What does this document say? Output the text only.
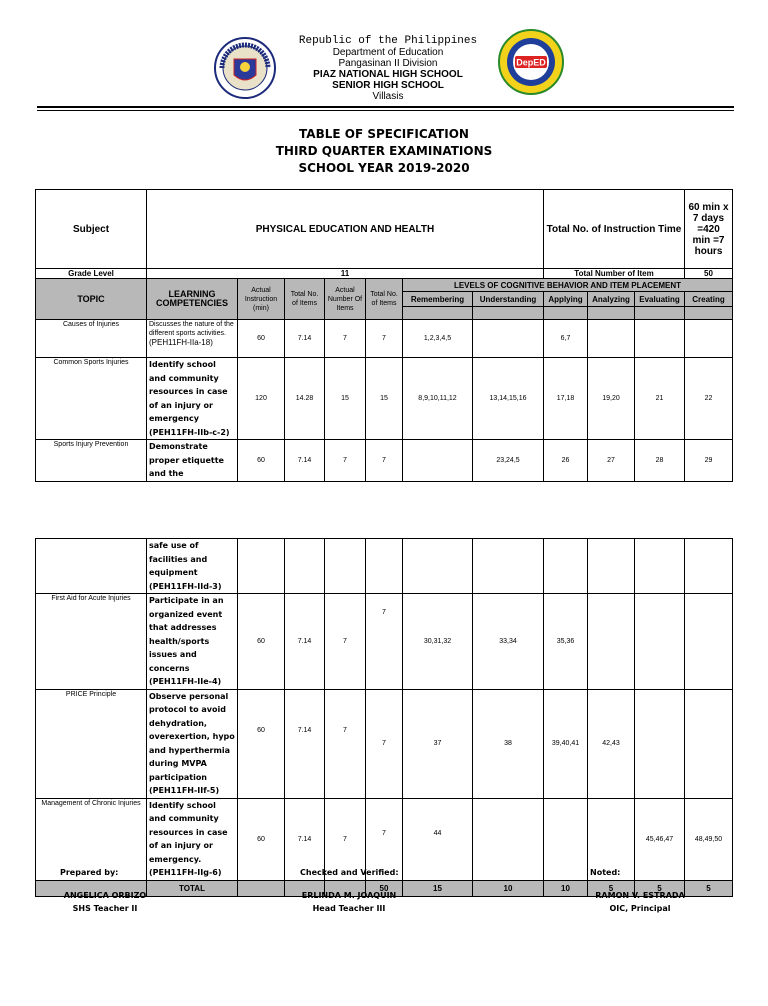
DepED
Republic of the Philippines
Department of Education
Pangasinan II Division
PIAZ NATIONAL HIGH SCHOOL
SENIOR HIGH SCHOOL
Villasis
TABLE OF SPECIFICATION
THIRD QUARTER EXAMINATIONS
SCHOOL YEAR 2019-2020
Subject	PHYSICAL EDUCATION AND HEALTH							Total No. of Instruction Time			60 min x 7 days =420 min =7 hours
Grade Level	11							Total Number of Item			50
TOPIC	LEARNING COMPETENCIES	Actual Instruction (min)	Total No. of Items	Actual Number Of Items	Total No. of Items	LEVELS OF COGNITIVE BEHAVIOR AND ITEM PLACEMENT					
						Remembering	Understanding	Applying	Analyzing	Evaluating	Creating

Causes of Injuries	Discusses the nature of the different sports activities. (PEH11FH-IIa-18)	60	7.14	7	7	1,2,3,4,5		6,7			
Common Sports Injuries	Identify school and community resources in case of an injury or emergency (PEH11FH-IIb-c-2)	120	14.28	15	15	8,9,10,11,12	13,14,15,16	17,18	19,20	21	22
Sports Injury Prevention	Demonstrate proper etiquette and the	60	7.14	7	7		23,24,5	26	27	28	29
	safe use of facilities and equipment (PEH11FH-IId-3)										
First Aid for Acute Injuries	Participate in an organized event that addresses health/sports issues and concerns (PEH11FH-IIe-4)	60	7.14	7	7	30,31,32	33,34	35,36			
PRICE Principle	Observe personal protocol to avoid dehydration, overexertion, hypo and hyperthermia during MVPA participation (PEH11FH-IIf-5)	60	7.14	7	7	37	38	39,40,41	42,43		
Management of Chronic Injuries	Identify school and community resources in case of an injury or emergency. (PEH11FH-IIg-6)	60	7.14	7	7	44				45,46,47	48,49,50
	TOTAL				50	15	10	10	5	5	5
Prepared by:	Checked and Verified:	Noted:
ANGELICA ORBIZO
SHS Teacher II
ERLINDA M. JOAQUIN
Head Teacher III
RAMON V. ESTRADA
OIC, Principal
